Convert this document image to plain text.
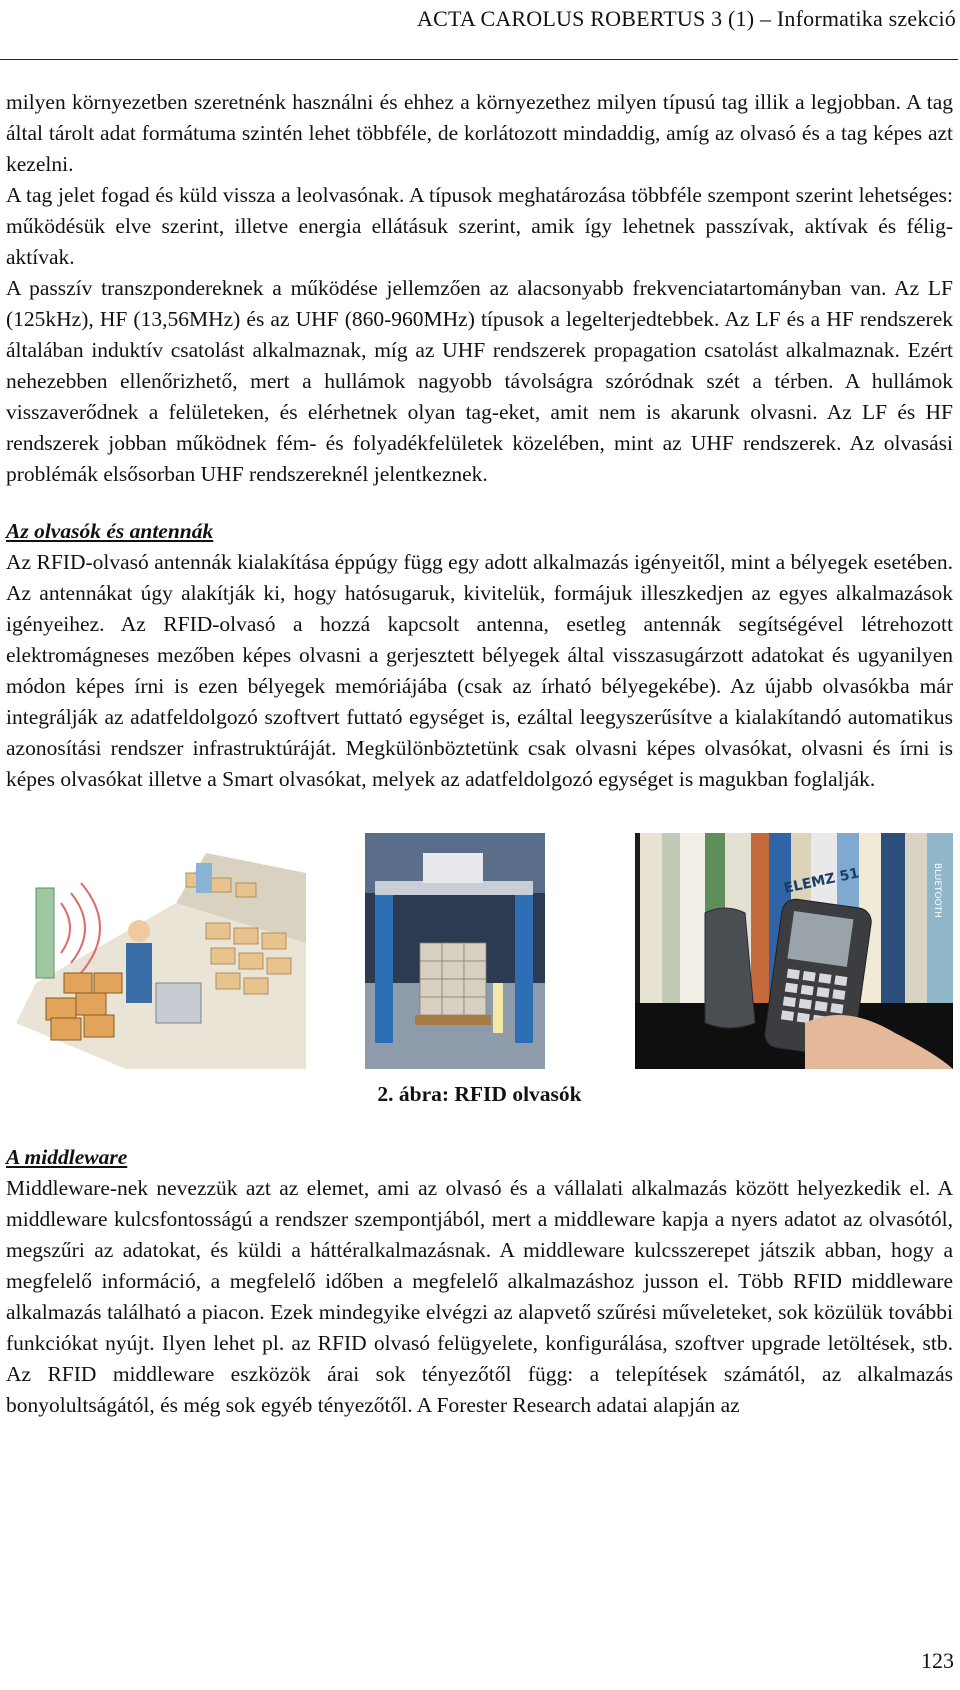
ACTA CAROLUS ROBERTUS 3 (1) – Informatika szekció

milyen környezetben szeretnénk használni és ehhez a környezethez milyen típusú tag illik a legjobban. A tag által tárolt adat formátuma szintén lehet többféle, de korlátozott mindaddig, amíg az olvasó és a tag képes azt kezelni.

A tag jelet fogad és küld vissza a leolvasónak. A típusok meghatározása többféle szempont szerint lehetséges: működésük elve szerint, illetve energia ellátásuk szerint, amik így lehetnek passzívak, aktívak és félig-aktívak.

A passzív transzpondereknek a működése jellemzően az alacsonyabb frekvenciatartományban van. Az LF (125kHz), HF (13,56MHz) és az UHF (860-960MHz) típusok a legelterjedtebbek. Az LF és a HF rendszerek általában induktív csatolást alkalmaznak, míg az UHF rendszerek propagation csatolást alkalmaznak. Ezért nehezebben ellenőrizhető, mert a hullámok nagyobb távolságra szóródnak szét a térben. A hullámok visszaverődnek a felületeken, és elérhetnek olyan tag-eket, amit nem is akarunk olvasni. Az LF és HF rendszerek jobban működnek fém- és folyadékfelületek közelében, mint az UHF rendszerek. Az olvasási problémák elsősorban UHF rendszereknél jelentkeznek.

Az olvasók és antennák

Az RFID-olvasó antennák kialakítása éppúgy függ egy adott alkalmazás igényeitől, mint a bélyegek esetében. Az antennákat úgy alakítják ki, hogy hatósugaruk, kivitelük, formájuk illeszkedjen az egyes alkalmazások igényeihez. Az RFID-olvasó a hozzá kapcsolt antenna, esetleg antennák segítségével létrehozott elektromágneses mezőben képes olvasni a gerjesztett bélyegek által visszasugárzott adatokat és ugyanilyen módon képes írni is ezen bélyegek memóriájába (csak az írható bélyegekébe). Az újabb olvasókba már integrálják az adatfeldolgozó szoftvert futtató egységet is, ezáltal leegyszerűsítve a kialakítandó automatikus azonosítási rendszer infrastruktúráját. Megkülönböztetünk csak olvasni képes olvasókat, olvasni és írni is képes olvasókat illetve a Smart olvasókat, melyek az adatfeldolgozó egységet is magukban foglalják.

ELEMZ 51	BLUETOOTH
2. ábra: RFID olvasók
A middleware

Middleware-nek nevezzük azt az elemet, ami az olvasó és a vállalati alkalmazás között helyezkedik el. A middleware kulcsfontosságú a rendszer szempontjából, mert a middleware kapja a nyers adatot az olvasótól, megszűri az adatokat, és küldi a háttéralkalmazásnak. A middleware kulcsszerepet játszik abban, hogy a megfelelő információ, a megfelelő időben a megfelelő alkalmazáshoz jusson el. Több RFID middleware alkalmazás található a piacon. Ezek mindegyike elvégzi az alapvető szűrési műveleteket, sok közülük további funkciókat nyújt. Ilyen lehet pl. az RFID olvasó felügyelete, konfigurálása, szoftver upgrade letöltések, stb. Az RFID middleware eszközök árai sok tényezőtől függ: a telepítések számától, az alkalmazás bonyolultságától, és még sok egyéb tényezőtől. A Forester Research adatai alapján az

123
